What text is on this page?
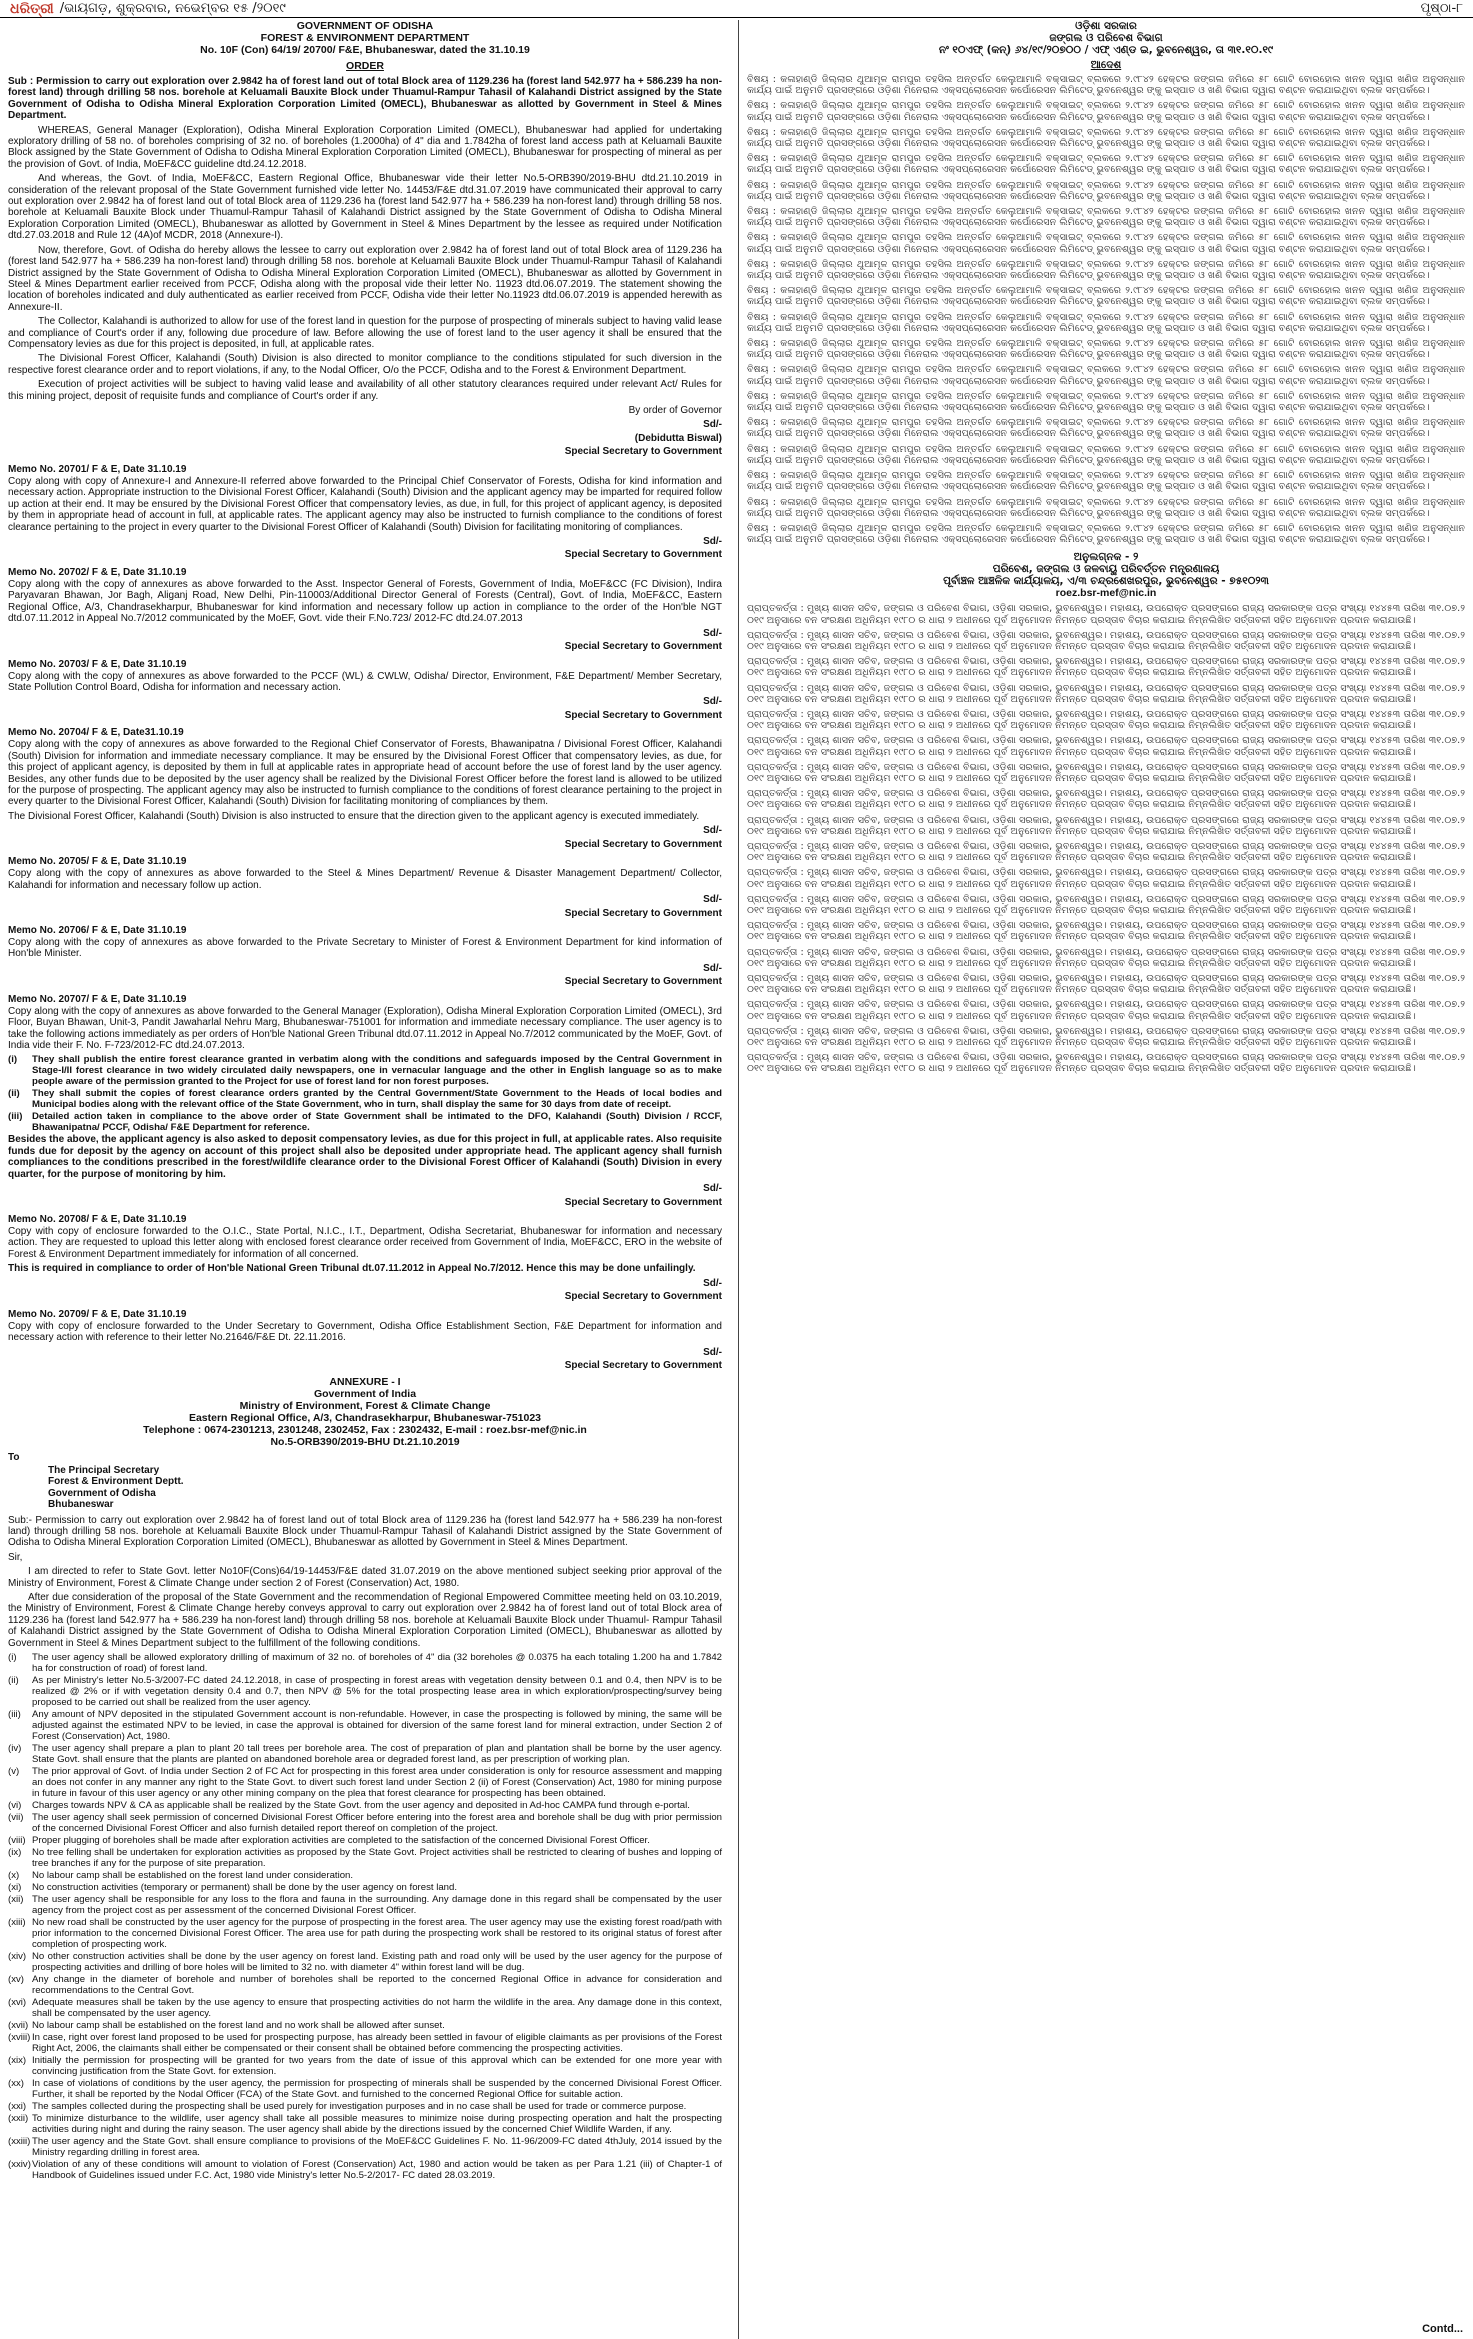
ଧରିତ୍ରୀ /ଭାୟଗଡ଼, ଶୁକ୍ରବାର, ନଭେମ୍ବର ୧୫ /୨୦୧୯	ପୃଷ୍ଠା-୮

GOVERNMENT OF ODISHA

FOREST & ENVIRONMENT DEPARTMENT

No. 10F (Con) 64/19/ 20700/ F&E, Bhubaneswar, dated the 31.10.19

ORDER

Sub : Permission to carry out exploration over 2.9842 ha of forest land out of total Block area of 1129.236 ha (forest land 542.977 ha + 586.239 ha non-forest land) through drilling 58 nos. borehole at Keluamali Bauxite Block under Thuamul-Rampur Tahasil of Kalahandi District assigned by the State Government of Odisha to Odisha Mineral Exploration Corporation Limited (OMECL), Bhubaneswar as allotted by Government in Steel & Mines Department.

WHEREAS, General Manager (Exploration), Odisha Mineral Exploration Corporation Limited (OMECL), Bhubaneswar had applied for undertaking exploratory drilling of 58 no. of boreholes comprising of 32 no. of boreholes (1.2000ha) of 4" dia and 1.7842ha of forest land access path at Keluamali Bauxite Block assigned by the State Government of Odisha to Odisha Mineral Exploration Corporation Limited (OMECL), Bhubaneswar for prospecting of mineral as per the provision of Govt. of India, MoEF&CC guideline dtd.24.12.2018.

And whereas, the Govt. of India, MoEF&CC, Eastern Regional Office, Bhubaneswar vide their letter No.5-ORB390/2019-BHU dtd.21.10.2019 in consideration of the relevant proposal of the State Government furnished vide letter No. 14453/F&E dtd.31.07.2019 have communicated their approval to carry out exploration over 2.9842 ha of forest land out of total Block area of 1129.236 ha (forest land 542.977 ha + 586.239 ha non-forest land) through drilling 58 nos. borehole at Keluamali Bauxite Block under Thuamul-Rampur Tahasil of Kalahandi District assigned by the State Government of Odisha to Odisha Mineral Exploration Corporation Limited (OMECL), Bhubaneswar as allotted by Government in Steel & Mines Department by the lessee as required under Notification dtd.27.03.2018 and Rule 12 (4A)of MCDR, 2018 (Annexure-I).

Now, therefore, Govt. of Odisha do hereby allows the lessee to carry out exploration over 2.9842 ha of forest land out of total Block area of 1129.236 ha (forest land 542.977 ha + 586.239 ha non-forest land) through drilling 58 nos. borehole at Keluamali Bauxite Block under Thuamul-Rampur Tahasil of Kalahandi District assigned by the State Government of Odisha to Odisha Mineral Exploration Corporation Limited (OMECL), Bhubaneswar as allotted by Government in Steel & Mines Department earlier received from PCCF, Odisha along with the proposal vide their letter No. 11923 dtd.06.07.2019. The statement showing the location of boreholes indicated and duly authenticated as earlier received from PCCF, Odisha vide their letter No.11923 dtd.06.07.2019 is appended herewith as Annexure-II.

The Collector, Kalahandi is authorized to allow for use of the forest land in question for the purpose of prospecting of minerals subject to having valid lease and compliance of Court's order if any, following due procedure of law. Before allowing the use of forest land to the user agency it shall be ensured that the Compensatory levies as due for this project is deposited, in full, at applicable rates.

The Divisional Forest Officer, Kalahandi (South) Division is also directed to monitor compliance to the conditions stipulated for such diversion in the respective forest clearance order and to report violations, if any, to the Nodal Officer, O/o the PCCF, Odisha and to the Forest & Environment Department.

Execution of project activities will be subject to having valid lease and availability of all other statutory clearances required under relevant Act/ Rules for this mining project, deposit of requisite funds and compliance of Court's order if any.

By order of Governor

Sd/-

(Debidutta Biswal)

Special Secretary to Government

Memo No. 20701/ F & E, Date 31.10.19

Copy along with copy of Annexure-I and Annexure-II referred above forwarded to the Principal Chief Conservator of Forests, Odisha for kind information and necessary action. Appropriate instruction to the Divisional Forest Officer, Kalahandi (South) Division and the applicant agency may be imparted for required follow up action at their end. It may be ensured by the Divisional Forest Officer that compensatory levies, as due, in full, for this project of applicant agency, is deposited by them in appropriate head of account in full, at applicable rates. The applicant agency may also be instructed to furnish compliance to the conditions of forest clearance pertaining to the project in every quarter to the Divisional Forest Officer of Kalahandi (South) Division for facilitating monitoring of compliances.

Sd/-

Special Secretary to Government

Memo No. 20702/ F & E, Date 31.10.19

Copy along with the copy of annexures as above forwarded to the Asst. Inspector General of Forests, Government of India, MoEF&CC (FC Division), Indira Paryavaran Bhawan, Jor Bagh, Aliganj Road, New Delhi, Pin-110003/Additional Director General of Forests (Central), Govt. of India, MoEF&CC, Eastern Regional Office, A/3, Chandrasekharpur, Bhubaneswar for kind information and necessary follow up action in compliance to the order of the Hon'ble NGT dtd.07.11.2012 in Appeal No.7/2012 communicated by the MoEF, Govt. vide their F.No.723/ 2012-FC dtd.24.07.2013

Sd/-

Special Secretary to Government

Memo No. 20703/ F & E, Date 31.10.19

Copy along with the copy of annexures as above forwarded to the PCCF (WL) & CWLW, Odisha/ Director, Environment, F&E Department/ Member Secretary, State Pollution Control Board, Odisha for information and necessary action.

Sd/-

Special Secretary to Government

Memo No. 20704/ F & E, Date31.10.19

Copy along with the copy of annexures as above forwarded to the Regional Chief Conservator of Forests, Bhawanipatna / Divisional Forest Officer, Kalahandi (South) Division for information and immediate necessary compliance. It may be ensured by the Divisional Forest Officer that compensatory levies, as due, for this project of applicant agency, is deposited by them in full at applicable rates in appropriate head of account before the use of forest land by the user agency. Besides, any other funds due to be deposited by the user agency shall be realized by the Divisional Forest Officer before the forest land is allowed to be utilized for the purpose of prospecting. The applicant agency may also be instructed to furnish compliance to the conditions of forest clearance pertaining to the project in every quarter to the Divisional Forest Officer, Kalahandi (South) Division for facilitating monitoring of compliances by them.

The Divisional Forest Officer, Kalahandi (South) Division is also instructed to ensure that the direction given to the applicant agency is executed immediately.

Sd/-

Special Secretary to Government

Memo No. 20705/ F & E, Date 31.10.19

Copy along with the copy of annexures as above forwarded to the Steel & Mines Department/ Revenue & Disaster Management Department/ Collector, Kalahandi for information and necessary follow up action.

Sd/-

Special Secretary to Government

Memo No. 20706/ F & E, Date 31.10.19

Copy along with the copy of annexures as above forwarded to the Private Secretary to Minister of Forest & Environment Department for kind information of Hon'ble Minister.

Sd/-

Special Secretary to Government

Memo No. 20707/ F & E, Date 31.10.19

Copy along with the copy of annexures as above forwarded to the General Manager (Exploration), Odisha Mineral Exploration Corporation Limited (OMECL), 3rd Floor, Buyan Bhawan, Unit-3, Pandit Jawaharlal Nehru Marg, Bhubaneswar-751001 for information and immediate necessary compliance. The user agency is to take the following actions immediately as per orders of Hon'ble National Green Tribunal dtd.07.11.2012 in Appeal No.7/2012 communicated by the MoEF, Govt. of India vide their F. No. F-723/2012-FC dtd.24.07.2013.

(i)	They shall publish the entire forest clearance granted in verbatim along with the conditions and safeguards imposed by the Central Government in Stage-I/II forest clearance in two widely circulated daily newspapers, one in vernacular language and the other in English language so as to make people aware of the permission granted to the Project for use of forest land for non forest purposes.
(ii)	They shall submit the copies of forest clearance orders granted by the Central Government/State Government to the Heads of local bodies and Municipal bodies along with the relevant office of the State Government, who in turn, shall display the same for 30 days from date of receipt.
(iii)	Detailed action taken in compliance to the above order of State Government shall be intimated to the DFO, Kalahandi (South) Division / RCCF, Bhawanipatna/ PCCF, Odisha/ F&E Department for reference.

Besides the above, the applicant agency is also asked to deposit compensatory levies, as due for this project in full, at applicable rates. Also requisite funds due for deposit by the agency on account of this project shall also be deposited under appropriate head. The applicant agency shall furnish compliances to the conditions prescribed in the forest/wildlife clearance order to the Divisional Forest Officer of Kalahandi (South) Division in every quarter, for the purpose of monitoring by him.

Sd/-

Special Secretary to Government

Memo No. 20708/ F & E, Date 31.10.19

Copy with copy of enclosure forwarded to the O.I.C., State Portal, N.I.C., I.T., Department, Odisha Secretariat, Bhubaneswar for information and necessary action. They are requested to upload this letter along with enclosed forest clearance order received from Government of India, MoEF&CC, ERO in the website of Forest & Environment Department immediately for information of all concerned.

This is required in compliance to order of Hon'ble National Green Tribunal dt.07.11.2012 in Appeal No.7/2012. Hence this may be done unfailingly.

Sd/-

Special Secretary to Government

Memo No. 20709/ F & E, Date 31.10.19

Copy with copy of enclosure forwarded to the Under Secretary to Government, Odisha Office Establishment Section, F&E Department for information and necessary action with reference to their letter No.21646/F&E Dt. 22.11.2016.

Sd/-

Special Secretary to Government

ANNEXURE - I

Government of India

Ministry of Environment, Forest & Climate Change

Eastern Regional Office, A/3, Chandrasekharpur, Bhubaneswar-751023

Telephone : 0674-2301213, 2301248, 2302452, Fax : 2302432, E-mail : roez.bsr-mef@nic.in

No.5-ORB390/2019-BHU Dt.21.10.2019

To

The Principal Secretary

Forest & Environment Deptt.

Government of Odisha

Bhubaneswar

Sub:- Permission to carry out exploration over 2.9842 ha of forest land out of total Block area of 1129.236 ha (forest land 542.977 ha + 586.239 ha non-forest land) through drilling 58 nos. borehole at Keluamali Bauxite Block under Thuamul-Rampur Tahasil of Kalahandi District assigned by the State Government of Odisha to Odisha Mineral Exploration Corporation Limited (OMECL), Bhubaneswar as allotted by Government in Steel & Mines Department.

Sir,

I am directed to refer to State Govt. letter No10F(Cons)64/19-14453/F&E dated 31.07.2019 on the above mentioned subject seeking prior approval of the Ministry of Environment, Forest & Climate Change under section 2 of Forest (Conservation) Act, 1980.

After due consideration of the proposal of the State Government and the recommendation of Regional Empowered Committee meeting held on 03.10.2019, the Ministry of Environment, Forest & Climate Change hereby conveys approval to carry out exploration over 2.9842 ha of forest land out of total Block area of 1129.236 ha (forest land 542.977 ha + 586.239 ha non-forest land) through drilling 58 nos. borehole at Keluamali Bauxite Block under Thuamul- Rampur Tahasil of Kalahandi District assigned by the State Government of Odisha to Odisha Mineral Exploration Corporation Limited (OMECL), Bhubaneswar as allotted by Government in Steel & Mines Department subject to the fulfillment of the following conditions.

(i)	The user agency shall be allowed exploratory drilling of maximum of 32 no. of boreholes of 4" dia (32 boreholes @ 0.0375 ha each totaling 1.200 ha and 1.7842 ha for construction of road) of forest land.
(ii)	As per Ministry's letter No.5-3/2007-FC dated 24.12.2018, in case of prospecting in forest areas with vegetation density between 0.1 and 0.4, then NPV is to be realized @ 2% or if with vegetation density 0.4 and 0.7, then NPV @ 5% for the total prospecting lease area in which exploration/prospecting/survey being proposed to be carried out shall be realized from the user agency.
(iii)	Any amount of NPV deposited in the stipulated Government account is non-refundable. However, in case the prospecting is followed by mining, the same will be adjusted against the estimated NPV to be levied, in case the approval is obtained for diversion of the same forest land for mineral extraction, under Section 2 of Forest (Conservation) Act, 1980.
(iv)	The user agency shall prepare a plan to plant 20 tall trees per borehole area. The cost of preparation of plan and plantation shall be borne by the user agency. State Govt. shall ensure that the plants are planted on abandoned borehole area or degraded forest land, as per prescription of working plan.
(v)	The prior approval of Govt. of India under Section 2 of FC Act for prospecting in this forest area under consideration is only for resource assessment and mapping an does not confer in any manner any right to the State Govt. to divert such forest land under Section 2 (ii) of Forest (Conservation) Act, 1980 for mining purpose in future in favour of this user agency or any other mining company on the plea that forest clearance for prospecting has been obtained.
(vi)	Charges towards NPV & CA as applicable shall be realized by the State Govt. from the user agency and deposited in Ad-hoc CAMPA fund through e-portal.
(vii) The user agency shall seek permission of concerned Divisional Forest Officer before entering into the forest area and borehole shall be dug with prior permission of the concerned Divisional Forest Officer and also furnish detailed report thereof on completion of the project.
(viii) Proper plugging of boreholes shall be made after exploration activities are completed to the satisfaction of the concerned Divisional Forest Officer.
(ix)	No tree felling shall be undertaken for exploration activities as proposed by the State Govt. Project activities shall be restricted to clearing of bushes and lopping of tree branches if any for the purpose of site preparation.
(x)	No labour camp shall be established on the forest land under consideration.
(xi)	No construction activities (temporary or permanent) shall be done by the user agency on forest land.
(xii) The user agency shall be responsible for any loss to the flora and fauna in the surrounding. Any damage done in this regard shall be compensated by the user agency from the project cost as per assessment of the concerned Divisional Forest Officer.
(xiii) No new road shall be constructed by the user agency for the purpose of prospecting in the forest area. The user agency may use the existing forest road/path with prior information to the concerned Divisional Forest Officer. The area use for path during the prospecting work shall be restored to its original status of forest after completion of prospecting work.
(xiv) No other construction activities shall be done by the user agency on forest land. Existing path and road only will be used by the user agency for the purpose of prospecting activities and drilling of bore holes will be limited to 32 no. with diameter 4" within forest land will be dug.
(xv) Any change in the diameter of borehole and number of boreholes shall be reported to the concerned Regional Office in advance for consideration and recommendations to the Central Govt.
(xvi) Adequate measures shall be taken by the use agency to ensure that prospecting activities do not harm the wildlife in the area. Any damage done in this context, shall be compensated by the user agency.
(xvii) No labour camp shall be established on the forest land and no work shall be allowed after sunset.
(xviii) In case, right over forest land proposed to be used for prospecting purpose, has already been settled in favour of eligible claimants as per provisions of the Forest Right Act, 2006, the claimants shall either be compensated or their consent shall be obtained before commencing the prospecting activities.
(xix) Initially the permission for prospecting will be granted for two years from the date of issue of this approval which can be extended for one more year with convincing justification from the State Govt. for extension.
(xx) In case of violations of conditions by the user agency, the permission for prospecting of minerals shall be suspended by the concerned Divisional Forest Officer. Further, it shall be reported by the Nodal Officer (FCA) of the State Govt. and furnished to the concerned Regional Office for suitable action.
(xxi) The samples collected during the prospecting shall be used purely for investigation purposes and in no case shall be used for trade or commerce purpose.
(xxii) To minimize disturbance to the wildlife, user agency shall take all possible measures to minimize noise during prospecting operation and halt the prospecting activities during night and during the rainy season. The user agency shall abide by the directions issued by the concerned Chief Wildlife Warden, if any.
(xxiii) The user agency and the State Govt. shall ensure compliance to provisions of the MoEF&CC Guidelines F. No. 11-96/2009-FC dated 4thJuly, 2014 issued by the Ministry regarding drilling in forest area.
(xxiv) Violation of any of these conditions will amount to violation of Forest (Conservation) Act, 1980 and action would be taken as per Para 1.21 (iii) of Chapter-1 of Handbook of Guidelines issued under F.C. Act, 1980 vide Ministry's letter No.5-2/2017- FC dated 28.03.2019.

ଓଡ଼ିଶା ସରକାର

ଜଙ୍ଗଲ ଓ ପରିବେଶ ବିଭାଗ

ନଂ ୧୦ଏଫ୍ (କନ୍) ୬୪/୧୯/୨୦୭୦୦ / ଏଫ୍ ଏଣ୍ଡ ଇ, ଭୁବନେଶ୍ୱର, ତା ୩୧.୧୦.୧୯

ଆଦେଶ

ବିଷୟ : କଳାହାଣ୍ଡି ଜିଲ୍ଲାର ଥୁଆମୂଳ ରାମପୁର ତହସିଲ ଅନ୍ତର୍ଗତ କେଲୁଆମାଳି ବକ୍ସାଇଟ୍ ବ୍ଲକରେ ୨.୯୮୪୨ ହେକ୍ଟର ଜଙ୍ଗଲ ଜମିରେ ୫୮ ଗୋଟି ବୋରହୋଲ ଖନନ ଦ୍ୱାରା ଖଣିଜ ଅନୁସନ୍ଧାନ କାର୍ଯ୍ୟ ପାଇଁ ଅନୁମତି ପ୍ରସଙ୍ଗରେ ଓଡ଼ିଶା ମିନେରାଲ ଏକ୍ସପ୍ଲୋରେସନ କର୍ପୋରେସନ ଲିମିଟେଡ୍ ଭୁବନେଶ୍ୱର ଙ୍କୁ ଇସ୍ପାତ ଓ ଖଣି ବିଭାଗ ଦ୍ୱାରା ବଣ୍ଟନ କରାଯାଇଥିବା ବ୍ଲକ ସମ୍ପର୍କରେ।

ବିଷୟ : କଳାହାଣ୍ଡି ଜିଲ୍ଲାର ଥୁଆମୂଳ ରାମପୁର ତହସିଲ ଅନ୍ତର୍ଗତ କେଲୁଆମାଳି ବକ୍ସାଇଟ୍ ବ୍ଲକରେ ୨.୯୮୪୨ ହେକ୍ଟର ଜଙ୍ଗଲ ଜମିରେ ୫୮ ଗୋଟି ବୋରହୋଲ ଖନନ ଦ୍ୱାରା ଖଣିଜ ଅନୁସନ୍ଧାନ କାର୍ଯ୍ୟ ପାଇଁ ଅନୁମତି ପ୍ରସଙ୍ଗରେ ଓଡ଼ିଶା ମିନେରାଲ ଏକ୍ସପ୍ଲୋରେସନ କର୍ପୋରେସନ ଲିମିଟେଡ୍ ଭୁବନେଶ୍ୱର ଙ୍କୁ ଇସ୍ପାତ ଓ ଖଣି ବିଭାଗ ଦ୍ୱାରା ବଣ୍ଟନ କରାଯାଇଥିବା ବ୍ଲକ ସମ୍ପର୍କରେ।

ବିଷୟ : କଳାହାଣ୍ଡି ଜିଲ୍ଲାର ଥୁଆମୂଳ ରାମପୁର ତହସିଲ ଅନ୍ତର୍ଗତ କେଲୁଆମାଳି ବକ୍ସାଇଟ୍ ବ୍ଲକରେ ୨.୯୮୪୨ ହେକ୍ଟର ଜଙ୍ଗଲ ଜମିରେ ୫୮ ଗୋଟି ବୋରହୋଲ ଖନନ ଦ୍ୱାରା ଖଣିଜ ଅନୁସନ୍ଧାନ କାର୍ଯ୍ୟ ପାଇଁ ଅନୁମତି ପ୍ରସଙ୍ଗରେ ଓଡ଼ିଶା ମିନେରାଲ ଏକ୍ସପ୍ଲୋରେସନ କର୍ପୋରେସନ ଲିମିଟେଡ୍ ଭୁବନେଶ୍ୱର ଙ୍କୁ ଇସ୍ପାତ ଓ ଖଣି ବିଭାଗ ଦ୍ୱାରା ବଣ୍ଟନ କରାଯାଇଥିବା ବ୍ଲକ ସମ୍ପର୍କରେ।

ବିଷୟ : କଳାହାଣ୍ଡି ଜିଲ୍ଲାର ଥୁଆମୂଳ ରାମପୁର ତହସିଲ ଅନ୍ତର୍ଗତ କେଲୁଆମାଳି ବକ୍ସାଇଟ୍ ବ୍ଲକରେ ୨.୯୮୪୨ ହେକ୍ଟର ଜଙ୍ଗଲ ଜମିରେ ୫୮ ଗୋଟି ବୋରହୋଲ ଖନନ ଦ୍ୱାରା ଖଣିଜ ଅନୁସନ୍ଧାନ କାର୍ଯ୍ୟ ପାଇଁ ଅନୁମତି ପ୍ରସଙ୍ଗରେ ଓଡ଼ିଶା ମିନେରାଲ ଏକ୍ସପ୍ଲୋରେସନ କର୍ପୋରେସନ ଲିମିଟେଡ୍ ଭୁବନେଶ୍ୱର ଙ୍କୁ ଇସ୍ପାତ ଓ ଖଣି ବିଭାଗ ଦ୍ୱାରା ବଣ୍ଟନ କରାଯାଇଥିବା ବ୍ଲକ ସମ୍ପର୍କରେ।

ବିଷୟ : କଳାହାଣ୍ଡି ଜିଲ୍ଲାର ଥୁଆମୂଳ ରାମପୁର ତହସିଲ ଅନ୍ତର୍ଗତ କେଲୁଆମାଳି ବକ୍ସାଇଟ୍ ବ୍ଲକରେ ୨.୯୮୪୨ ହେକ୍ଟର ଜଙ୍ଗଲ ଜମିରେ ୫୮ ଗୋଟି ବୋରହୋଲ ଖନନ ଦ୍ୱାରା ଖଣିଜ ଅନୁସନ୍ଧାନ କାର୍ଯ୍ୟ ପାଇଁ ଅନୁମତି ପ୍ରସଙ୍ଗରେ ଓଡ଼ିଶା ମିନେରାଲ ଏକ୍ସପ୍ଲୋରେସନ କର୍ପୋରେସନ ଲିମିଟେଡ୍ ଭୁବନେଶ୍ୱର ଙ୍କୁ ଇସ୍ପାତ ଓ ଖଣି ବିଭାଗ ଦ୍ୱାରା ବଣ୍ଟନ କରାଯାଇଥିବା ବ୍ଲକ ସମ୍ପର୍କରେ।

ବିଷୟ : କଳାହାଣ୍ଡି ଜିଲ୍ଲାର ଥୁଆମୂଳ ରାମପୁର ତହସିଲ ଅନ୍ତର୍ଗତ କେଲୁଆମାଳି ବକ୍ସାଇଟ୍ ବ୍ଲକରେ ୨.୯୮୪୨ ହେକ୍ଟର ଜଙ୍ଗଲ ଜମିରେ ୫୮ ଗୋଟି ବୋରହୋଲ ଖନନ ଦ୍ୱାରା ଖଣିଜ ଅନୁସନ୍ଧାନ କାର୍ଯ୍ୟ ପାଇଁ ଅନୁମତି ପ୍ରସଙ୍ଗରେ ଓଡ଼ିଶା ମିନେରାଲ ଏକ୍ସପ୍ଲୋରେସନ କର୍ପୋରେସନ ଲିମିଟେଡ୍ ଭୁବନେଶ୍ୱର ଙ୍କୁ ଇସ୍ପାତ ଓ ଖଣି ବିଭାଗ ଦ୍ୱାରା ବଣ୍ଟନ କରାଯାଇଥିବା ବ୍ଲକ ସମ୍ପର୍କରେ।

ବିଷୟ : କଳାହାଣ୍ଡି ଜିଲ୍ଲାର ଥୁଆମୂଳ ରାମପୁର ତହସିଲ ଅନ୍ତର୍ଗତ କେଲୁଆମାଳି ବକ୍ସାଇଟ୍ ବ୍ଲକରେ ୨.୯୮୪୨ ହେକ୍ଟର ଜଙ୍ଗଲ ଜମିରେ ୫୮ ଗୋଟି ବୋରହୋଲ ଖନନ ଦ୍ୱାରା ଖଣିଜ ଅନୁସନ୍ଧାନ କାର୍ଯ୍ୟ ପାଇଁ ଅନୁମତି ପ୍ରସଙ୍ଗରେ ଓଡ଼ିଶା ମିନେରାଲ ଏକ୍ସପ୍ଲୋରେସନ କର୍ପୋରେସନ ଲିମିଟେଡ୍ ଭୁବନେଶ୍ୱର ଙ୍କୁ ଇସ୍ପାତ ଓ ଖଣି ବିଭାଗ ଦ୍ୱାରା ବଣ୍ଟନ କରାଯାଇଥିବା ବ୍ଲକ ସମ୍ପର୍କରେ।

ବିଷୟ : କଳାହାଣ୍ଡି ଜିଲ୍ଲାର ଥୁଆମୂଳ ରାମପୁର ତହସିଲ ଅନ୍ତର୍ଗତ କେଲୁଆମାଳି ବକ୍ସାଇଟ୍ ବ୍ଲକରେ ୨.୯୮୪୨ ହେକ୍ଟର ଜଙ୍ଗଲ ଜମିରେ ୫୮ ଗୋଟି ବୋରହୋଲ ଖନନ ଦ୍ୱାରା ଖଣିଜ ଅନୁସନ୍ଧାନ କାର୍ଯ୍ୟ ପାଇଁ ଅନୁମତି ପ୍ରସଙ୍ଗରେ ଓଡ଼ିଶା ମିନେରାଲ ଏକ୍ସପ୍ଲୋରେସନ କର୍ପୋରେସନ ଲିମିଟେଡ୍ ଭୁବନେଶ୍ୱର ଙ୍କୁ ଇସ୍ପାତ ଓ ଖଣି ବିଭାଗ ଦ୍ୱାରା ବଣ୍ଟନ କରାଯାଇଥିବା ବ୍ଲକ ସମ୍ପର୍କରେ।

ବିଷୟ : କଳାହାଣ୍ଡି ଜିଲ୍ଲାର ଥୁଆମୂଳ ରାମପୁର ତହସିଲ ଅନ୍ତର୍ଗତ କେଲୁଆମାଳି ବକ୍ସାଇଟ୍ ବ୍ଲକରେ ୨.୯୮୪୨ ହେକ୍ଟର ଜଙ୍ଗଲ ଜମିରେ ୫୮ ଗୋଟି ବୋରହୋଲ ଖନନ ଦ୍ୱାରା ଖଣିଜ ଅନୁସନ୍ଧାନ କାର୍ଯ୍ୟ ପାଇଁ ଅନୁମତି ପ୍ରସଙ୍ଗରେ ଓଡ଼ିଶା ମିନେରାଲ ଏକ୍ସପ୍ଲୋରେସନ କର୍ପୋରେସନ ଲିମିଟେଡ୍ ଭୁବନେଶ୍ୱର ଙ୍କୁ ଇସ୍ପାତ ଓ ଖଣି ବିଭାଗ ଦ୍ୱାରା ବଣ୍ଟନ କରାଯାଇଥିବା ବ୍ଲକ ସମ୍ପର୍କରେ।

ବିଷୟ : କଳାହାଣ୍ଡି ଜିଲ୍ଲାର ଥୁଆମୂଳ ରାମପୁର ତହସିଲ ଅନ୍ତର୍ଗତ କେଲୁଆମାଳି ବକ୍ସାଇଟ୍ ବ୍ଲକରେ ୨.୯୮୪୨ ହେକ୍ଟର ଜଙ୍ଗଲ ଜମିରେ ୫୮ ଗୋଟି ବୋରହୋଲ ଖନନ ଦ୍ୱାରା ଖଣିଜ ଅନୁସନ୍ଧାନ କାର୍ଯ୍ୟ ପାଇଁ ଅନୁମତି ପ୍ରସଙ୍ଗରେ ଓଡ଼ିଶା ମିନେରାଲ ଏକ୍ସପ୍ଲୋରେସନ କର୍ପୋରେସନ ଲିମିଟେଡ୍ ଭୁବନେଶ୍ୱର ଙ୍କୁ ଇସ୍ପାତ ଓ ଖଣି ବିଭାଗ ଦ୍ୱାରା ବଣ୍ଟନ କରାଯାଇଥିବା ବ୍ଲକ ସମ୍ପର୍କରେ।

ବିଷୟ : କଳାହାଣ୍ଡି ଜିଲ୍ଲାର ଥୁଆମୂଳ ରାମପୁର ତହସିଲ ଅନ୍ତର୍ଗତ କେଲୁଆମାଳି ବକ୍ସାଇଟ୍ ବ୍ଲକରେ ୨.୯୮୪୨ ହେକ୍ଟର ଜଙ୍ଗଲ ଜମିରେ ୫୮ ଗୋଟି ବୋରହୋଲ ଖନନ ଦ୍ୱାରା ଖଣିଜ ଅନୁସନ୍ଧାନ କାର୍ଯ୍ୟ ପାଇଁ ଅନୁମତି ପ୍ରସଙ୍ଗରେ ଓଡ଼ିଶା ମିନେରାଲ ଏକ୍ସପ୍ଲୋରେସନ କର୍ପୋରେସନ ଲିମିଟେଡ୍ ଭୁବନେଶ୍ୱର ଙ୍କୁ ଇସ୍ପାତ ଓ ଖଣି ବିଭାଗ ଦ୍ୱାରା ବଣ୍ଟନ କରାଯାଇଥିବା ବ୍ଲକ ସମ୍ପର୍କରେ।

ବିଷୟ : କଳାହାଣ୍ଡି ଜିଲ୍ଲାର ଥୁଆମୂଳ ରାମପୁର ତହସିଲ ଅନ୍ତର୍ଗତ କେଲୁଆମାଳି ବକ୍ସାଇଟ୍ ବ୍ଲକରେ ୨.୯୮୪୨ ହେକ୍ଟର ଜଙ୍ଗଲ ଜମିରେ ୫୮ ଗୋଟି ବୋରହୋଲ ଖନନ ଦ୍ୱାରା ଖଣିଜ ଅନୁସନ୍ଧାନ କାର୍ଯ୍ୟ ପାଇଁ ଅନୁମତି ପ୍ରସଙ୍ଗରେ ଓଡ଼ିଶା ମିନେରାଲ ଏକ୍ସପ୍ଲୋରେସନ କର୍ପୋରେସନ ଲିମିଟେଡ୍ ଭୁବନେଶ୍ୱର ଙ୍କୁ ଇସ୍ପାତ ଓ ଖଣି ବିଭାଗ ଦ୍ୱାରା ବଣ୍ଟନ କରାଯାଇଥିବା ବ୍ଲକ ସମ୍ପର୍କରେ।

ବିଷୟ : କଳାହାଣ୍ଡି ଜିଲ୍ଲାର ଥୁଆମୂଳ ରାମପୁର ତହସିଲ ଅନ୍ତର୍ଗତ କେଲୁଆମାଳି ବକ୍ସାଇଟ୍ ବ୍ଲକରେ ୨.୯୮୪୨ ହେକ୍ଟର ଜଙ୍ଗଲ ଜମିରେ ୫୮ ଗୋଟି ବୋରହୋଲ ଖନନ ଦ୍ୱାରା ଖଣିଜ ଅନୁସନ୍ଧାନ କାର୍ଯ୍ୟ ପାଇଁ ଅନୁମତି ପ୍ରସଙ୍ଗରେ ଓଡ଼ିଶା ମିନେରାଲ ଏକ୍ସପ୍ଲୋରେସନ କର୍ପୋରେସନ ଲିମିଟେଡ୍ ଭୁବନେଶ୍ୱର ଙ୍କୁ ଇସ୍ପାତ ଓ ଖଣି ବିଭାଗ ଦ୍ୱାରା ବଣ୍ଟନ କରାଯାଇଥିବା ବ୍ଲକ ସମ୍ପର୍କରେ।

ବିଷୟ : କଳାହାଣ୍ଡି ଜିଲ୍ଲାର ଥୁଆମୂଳ ରାମପୁର ତହସିଲ ଅନ୍ତର୍ଗତ କେଲୁଆମାଳି ବକ୍ସାଇଟ୍ ବ୍ଲକରେ ୨.୯୮୪୨ ହେକ୍ଟର ଜଙ୍ଗଲ ଜମିରେ ୫୮ ଗୋଟି ବୋରହୋଲ ଖନନ ଦ୍ୱାରା ଖଣିଜ ଅନୁସନ୍ଧାନ କାର୍ଯ୍ୟ ପାଇଁ ଅନୁମତି ପ୍ରସଙ୍ଗରେ ଓଡ଼ିଶା ମିନେରାଲ ଏକ୍ସପ୍ଲୋରେସନ କର୍ପୋରେସନ ଲିମିଟେଡ୍ ଭୁବନେଶ୍ୱର ଙ୍କୁ ଇସ୍ପାତ ଓ ଖଣି ବିଭାଗ ଦ୍ୱାରା ବଣ୍ଟନ କରାଯାଇଥିବା ବ୍ଲକ ସମ୍ପର୍କରେ।

ବିଷୟ : କଳାହାଣ୍ଡି ଜିଲ୍ଲାର ଥୁଆମୂଳ ରାମପୁର ତହସିଲ ଅନ୍ତର୍ଗତ କେଲୁଆମାଳି ବକ୍ସାଇଟ୍ ବ୍ଲକରେ ୨.୯୮୪୨ ହେକ୍ଟର ଜଙ୍ଗଲ ଜମିରେ ୫୮ ଗୋଟି ବୋରହୋଲ ଖନନ ଦ୍ୱାରା ଖଣିଜ ଅନୁସନ୍ଧାନ କାର୍ଯ୍ୟ ପାଇଁ ଅନୁମତି ପ୍ରସଙ୍ଗରେ ଓଡ଼ିଶା ମିନେରାଲ ଏକ୍ସପ୍ଲୋରେସନ କର୍ପୋରେସନ ଲିମିଟେଡ୍ ଭୁବନେଶ୍ୱର ଙ୍କୁ ଇସ୍ପାତ ଓ ଖଣି ବିଭାଗ ଦ୍ୱାରା ବଣ୍ଟନ କରାଯାଇଥିବା ବ୍ଲକ ସମ୍ପର୍କରେ।

ବିଷୟ : କଳାହାଣ୍ଡି ଜିଲ୍ଲାର ଥୁଆମୂଳ ରାମପୁର ତହସିଲ ଅନ୍ତର୍ଗତ କେଲୁଆମାଳି ବକ୍ସାଇଟ୍ ବ୍ଲକରେ ୨.୯୮୪୨ ହେକ୍ଟର ଜଙ୍ଗଲ ଜମିରେ ୫୮ ଗୋଟି ବୋରହୋଲ ଖନନ ଦ୍ୱାରା ଖଣିଜ ଅନୁସନ୍ଧାନ କାର୍ଯ୍ୟ ପାଇଁ ଅନୁମତି ପ୍ରସଙ୍ଗରେ ଓଡ଼ିଶା ମିନେରାଲ ଏକ୍ସପ୍ଲୋରେସନ କର୍ପୋରେସନ ଲିମିଟେଡ୍ ଭୁବନେଶ୍ୱର ଙ୍କୁ ଇସ୍ପାତ ଓ ଖଣି ବିଭାଗ ଦ୍ୱାରା ବଣ୍ଟନ କରାଯାଇଥିବା ବ୍ଲକ ସମ୍ପର୍କରେ।

ବିଷୟ : କଳାହାଣ୍ଡି ଜିଲ୍ଲାର ଥୁଆମୂଳ ରାମପୁର ତହସିଲ ଅନ୍ତର୍ଗତ କେଲୁଆମାଳି ବକ୍ସାଇଟ୍ ବ୍ଲକରେ ୨.୯୮୪୨ ହେକ୍ଟର ଜଙ୍ଗଲ ଜମିରେ ୫୮ ଗୋଟି ବୋରହୋଲ ଖନନ ଦ୍ୱାରା ଖଣିଜ ଅନୁସନ୍ଧାନ କାର୍ଯ୍ୟ ପାଇଁ ଅନୁମତି ପ୍ରସଙ୍ଗରେ ଓଡ଼ିଶା ମିନେରାଲ ଏକ୍ସପ୍ଲୋରେସନ କର୍ପୋରେସନ ଲିମିଟେଡ୍ ଭୁବନେଶ୍ୱର ଙ୍କୁ ଇସ୍ପାତ ଓ ଖଣି ବିଭାଗ ଦ୍ୱାରା ବଣ୍ଟନ କରାଯାଇଥିବା ବ୍ଲକ ସମ୍ପର୍କରେ।

ବିଷୟ : କଳାହାଣ୍ଡି ଜିଲ୍ଲାର ଥୁଆମୂଳ ରାମପୁର ତହସିଲ ଅନ୍ତର୍ଗତ କେଲୁଆମାଳି ବକ୍ସାଇଟ୍ ବ୍ଲକରେ ୨.୯୮୪୨ ହେକ୍ଟର ଜଙ୍ଗଲ ଜମିରେ ୫୮ ଗୋଟି ବୋରହୋଲ ଖନନ ଦ୍ୱାରା ଖଣିଜ ଅନୁସନ୍ଧାନ କାର୍ଯ୍ୟ ପାଇଁ ଅନୁମତି ପ୍ରସଙ୍ଗରେ ଓଡ଼ିଶା ମିନେରାଲ ଏକ୍ସପ୍ଲୋରେସନ କର୍ପୋରେସନ ଲିମିଟେଡ୍ ଭୁବନେଶ୍ୱର ଙ୍କୁ ଇସ୍ପାତ ଓ ଖଣି ବିଭାଗ ଦ୍ୱାରା ବଣ୍ଟନ କରାଯାଇଥିବା ବ୍ଲକ ସମ୍ପର୍କରେ।

ଅନୁଲଗ୍ନକ - ୨

ପରିବେଶ, ଜଙ୍ଗଲ ଓ ଜଳବାୟୁ ପରିବର୍ତ୍ତନ ମନ୍ତ୍ରଣାଳୟ

ପୂର୍ବାଞ୍ଚଳ ଆଞ୍ଚଳିକ କାର୍ଯ୍ୟାଳୟ, ଏ/୩ ଚନ୍ଦ୍ରଶେଖରପୁର, ଭୁବନେଶ୍ୱର - ୭୫୧୦୨୩

roez.bsr-mef@nic.in

ପ୍ରାପ୍ତକର୍ତ୍ତା : ମୁଖ୍ୟ ଶାସନ ସଚିବ, ଜଙ୍ଗଲ ଓ ପରିବେଶ ବିଭାଗ, ଓଡ଼ିଶା ସରକାର, ଭୁବନେଶ୍ୱର। ମହାଶୟ, ଉପରୋକ୍ତ ପ୍ରସଙ୍ଗରେ ରାଜ୍ୟ ସରକାରଙ୍କ ପତ୍ର ସଂଖ୍ୟା ୧୪୪୫୩ ତାରିଖ ୩୧.୦୭.୨୦୧୯ ଅନୁସାରେ ବନ ସଂରକ୍ଷଣ ଅଧିନିୟମ ୧୯୮୦ ର ଧାରା ୨ ଅଧୀନରେ ପୂର୍ବ ଅନୁମୋଦନ ନିମନ୍ତେ ପ୍ରସ୍ତାବ ବିଚାର କରାଯାଇ ନିମ୍ନଲିଖିତ ସର୍ତ୍ତାବଳୀ ସହିତ ଅନୁମୋଦନ ପ୍ରଦାନ କରାଯାଉଛି।

ପ୍ରାପ୍ତକର୍ତ୍ତା : ମୁଖ୍ୟ ଶାସନ ସଚିବ, ଜଙ୍ଗଲ ଓ ପରିବେଶ ବିଭାଗ, ଓଡ଼ିଶା ସରକାର, ଭୁବନେଶ୍ୱର। ମହାଶୟ, ଉପରୋକ୍ତ ପ୍ରସଙ୍ଗରେ ରାଜ୍ୟ ସରକାରଙ୍କ ପତ୍ର ସଂଖ୍ୟା ୧୪୪୫୩ ତାରିଖ ୩୧.୦୭.୨୦୧୯ ଅନୁସାରେ ବନ ସଂରକ୍ଷଣ ଅଧିନିୟମ ୧୯୮୦ ର ଧାରା ୨ ଅଧୀନରେ ପୂର୍ବ ଅନୁମୋଦନ ନିମନ୍ତେ ପ୍ରସ୍ତାବ ବିଚାର କରାଯାଇ ନିମ୍ନଲିଖିତ ସର୍ତ୍ତାବଳୀ ସହିତ ଅନୁମୋଦନ ପ୍ରଦାନ କରାଯାଉଛି।

ପ୍ରାପ୍ତକର୍ତ୍ତା : ମୁଖ୍ୟ ଶାସନ ସଚିବ, ଜଙ୍ଗଲ ଓ ପରିବେଶ ବିଭାଗ, ଓଡ଼ିଶା ସରକାର, ଭୁବନେଶ୍ୱର। ମହାଶୟ, ଉପରୋକ୍ତ ପ୍ରସଙ୍ଗରେ ରାଜ୍ୟ ସରକାରଙ୍କ ପତ୍ର ସଂଖ୍ୟା ୧୪୪୫୩ ତାରିଖ ୩୧.୦୭.୨୦୧୯ ଅନୁସାରେ ବନ ସଂରକ୍ଷଣ ଅଧିନିୟମ ୧୯୮୦ ର ଧାରା ୨ ଅଧୀନରେ ପୂର୍ବ ଅନୁମୋଦନ ନିମନ୍ତେ ପ୍ରସ୍ତାବ ବିଚାର କରାଯାଇ ନିମ୍ନଲିଖିତ ସର୍ତ୍ତାବଳୀ ସହିତ ଅନୁମୋଦନ ପ୍ରଦାନ କରାଯାଉଛି।

ପ୍ରାପ୍ତକର୍ତ୍ତା : ମୁଖ୍ୟ ଶାସନ ସଚିବ, ଜଙ୍ଗଲ ଓ ପରିବେଶ ବିଭାଗ, ଓଡ଼ିଶା ସରକାର, ଭୁବନେଶ୍ୱର। ମହାଶୟ, ଉପରୋକ୍ତ ପ୍ରସଙ୍ଗରେ ରାଜ୍ୟ ସରକାରଙ୍କ ପତ୍ର ସଂଖ୍ୟା ୧୪୪୫୩ ତାରିଖ ୩୧.୦୭.୨୦୧୯ ଅନୁସାରେ ବନ ସଂରକ୍ଷଣ ଅଧିନିୟମ ୧୯୮୦ ର ଧାରା ୨ ଅଧୀନରେ ପୂର୍ବ ଅନୁମୋଦନ ନିମନ୍ତେ ପ୍ରସ୍ତାବ ବିଚାର କରାଯାଇ ନିମ୍ନଲିଖିତ ସର୍ତ୍ତାବଳୀ ସହିତ ଅନୁମୋଦନ ପ୍ରଦାନ କରାଯାଉଛି।

ପ୍ରାପ୍ତକର୍ତ୍ତା : ମୁଖ୍ୟ ଶାସନ ସଚିବ, ଜଙ୍ଗଲ ଓ ପରିବେଶ ବିଭାଗ, ଓଡ଼ିଶା ସରକାର, ଭୁବନେଶ୍ୱର। ମହାଶୟ, ଉପରୋକ୍ତ ପ୍ରସଙ୍ଗରେ ରାଜ୍ୟ ସରକାରଙ୍କ ପତ୍ର ସଂଖ୍ୟା ୧୪୪୫୩ ତାରିଖ ୩୧.୦୭.୨୦୧୯ ଅନୁସାରେ ବନ ସଂରକ୍ଷଣ ଅଧିନିୟମ ୧୯୮୦ ର ଧାରା ୨ ଅଧୀନରେ ପୂର୍ବ ଅନୁମୋଦନ ନିମନ୍ତେ ପ୍ରସ୍ତାବ ବିଚାର କରାଯାଇ ନିମ୍ନଲିଖିତ ସର୍ତ୍ତାବଳୀ ସହିତ ଅନୁମୋଦନ ପ୍ରଦାନ କରାଯାଉଛି।

ପ୍ରାପ୍ତକର୍ତ୍ତା : ମୁଖ୍ୟ ଶାସନ ସଚିବ, ଜଙ୍ଗଲ ଓ ପରିବେଶ ବିଭାଗ, ଓଡ଼ିଶା ସରକାର, ଭୁବନେଶ୍ୱର। ମହାଶୟ, ଉପରୋକ୍ତ ପ୍ରସଙ୍ଗରେ ରାଜ୍ୟ ସରକାରଙ୍କ ପତ୍ର ସଂଖ୍ୟା ୧୪୪୫୩ ତାରିଖ ୩୧.୦୭.୨୦୧୯ ଅନୁସାରେ ବନ ସଂରକ୍ଷଣ ଅଧିନିୟମ ୧୯୮୦ ର ଧାରା ୨ ଅଧୀନରେ ପୂର୍ବ ଅନୁମୋଦନ ନିମନ୍ତେ ପ୍ରସ୍ତାବ ବିଚାର କରାଯାଇ ନିମ୍ନଲିଖିତ ସର୍ତ୍ତାବଳୀ ସହିତ ଅନୁମୋଦନ ପ୍ରଦାନ କରାଯାଉଛି।

ପ୍ରାପ୍ତକର୍ତ୍ତା : ମୁଖ୍ୟ ଶାସନ ସଚିବ, ଜଙ୍ଗଲ ଓ ପରିବେଶ ବିଭାଗ, ଓଡ଼ିଶା ସରକାର, ଭୁବନେଶ୍ୱର। ମହାଶୟ, ଉପରୋକ୍ତ ପ୍ରସଙ୍ଗରେ ରାଜ୍ୟ ସରକାରଙ୍କ ପତ୍ର ସଂଖ୍ୟା ୧୪୪୫୩ ତାରିଖ ୩୧.୦୭.୨୦୧୯ ଅନୁସାରେ ବନ ସଂରକ୍ଷଣ ଅଧିନିୟମ ୧୯୮୦ ର ଧାରା ୨ ଅଧୀନରେ ପୂର୍ବ ଅନୁମୋଦନ ନିମନ୍ତେ ପ୍ରସ୍ତାବ ବିଚାର କରାଯାଇ ନିମ୍ନଲିଖିତ ସର୍ତ୍ତାବଳୀ ସହିତ ଅନୁମୋଦନ ପ୍ରଦାନ କରାଯାଉଛି।

ପ୍ରାପ୍ତକର୍ତ୍ତା : ମୁଖ୍ୟ ଶାସନ ସଚିବ, ଜଙ୍ଗଲ ଓ ପରିବେଶ ବିଭାଗ, ଓଡ଼ିଶା ସରକାର, ଭୁବନେଶ୍ୱର। ମହାଶୟ, ଉପରୋକ୍ତ ପ୍ରସଙ୍ଗରେ ରାଜ୍ୟ ସରକାରଙ୍କ ପତ୍ର ସଂଖ୍ୟା ୧୪୪୫୩ ତାରିଖ ୩୧.୦୭.୨୦୧୯ ଅନୁସାରେ ବନ ସଂରକ୍ଷଣ ଅଧିନିୟମ ୧୯୮୦ ର ଧାରା ୨ ଅଧୀନରେ ପୂର୍ବ ଅନୁମୋଦନ ନିମନ୍ତେ ପ୍ରସ୍ତାବ ବିଚାର କରାଯାଇ ନିମ୍ନଲିଖିତ ସର୍ତ୍ତାବଳୀ ସହିତ ଅନୁମୋଦନ ପ୍ରଦାନ କରାଯାଉଛି।

ପ୍ରାପ୍ତକର୍ତ୍ତା : ମୁଖ୍ୟ ଶାସନ ସଚିବ, ଜଙ୍ଗଲ ଓ ପରିବେଶ ବିଭାଗ, ଓଡ଼ିଶା ସରକାର, ଭୁବନେଶ୍ୱର। ମହାଶୟ, ଉପରୋକ୍ତ ପ୍ରସଙ୍ଗରେ ରାଜ୍ୟ ସରକାରଙ୍କ ପତ୍ର ସଂଖ୍ୟା ୧୪୪୫୩ ତାରିଖ ୩୧.୦୭.୨୦୧୯ ଅନୁସାରେ ବନ ସଂରକ୍ଷଣ ଅଧିନିୟମ ୧୯୮୦ ର ଧାରା ୨ ଅଧୀନରେ ପୂର୍ବ ଅନୁମୋଦନ ନିମନ୍ତେ ପ୍ରସ୍ତାବ ବିଚାର କରାଯାଇ ନିମ୍ନଲିଖିତ ସର୍ତ୍ତାବଳୀ ସହିତ ଅନୁମୋଦନ ପ୍ରଦାନ କରାଯାଉଛି।

ପ୍ରାପ୍ତକର୍ତ୍ତା : ମୁଖ୍ୟ ଶାସନ ସଚିବ, ଜଙ୍ଗଲ ଓ ପରିବେଶ ବିଭାଗ, ଓଡ଼ିଶା ସରକାର, ଭୁବନେଶ୍ୱର। ମହାଶୟ, ଉପରୋକ୍ତ ପ୍ରସଙ୍ଗରେ ରାଜ୍ୟ ସରକାରଙ୍କ ପତ୍ର ସଂଖ୍ୟା ୧୪୪୫୩ ତାରିଖ ୩୧.୦୭.୨୦୧୯ ଅନୁସାରେ ବନ ସଂରକ୍ଷଣ ଅଧିନିୟମ ୧୯୮୦ ର ଧାରା ୨ ଅଧୀନରେ ପୂର୍ବ ଅନୁମୋଦନ ନିମନ୍ତେ ପ୍ରସ୍ତାବ ବିଚାର କରାଯାଇ ନିମ୍ନଲିଖିତ ସର୍ତ୍ତାବଳୀ ସହିତ ଅନୁମୋଦନ ପ୍ରଦାନ କରାଯାଉଛି।

ପ୍ରାପ୍ତକର୍ତ୍ତା : ମୁଖ୍ୟ ଶାସନ ସଚିବ, ଜଙ୍ଗଲ ଓ ପରିବେଶ ବିଭାଗ, ଓଡ଼ିଶା ସରକାର, ଭୁବନେଶ୍ୱର। ମହାଶୟ, ଉପରୋକ୍ତ ପ୍ରସଙ୍ଗରେ ରାଜ୍ୟ ସରକାରଙ୍କ ପତ୍ର ସଂଖ୍ୟା ୧୪୪୫୩ ତାରିଖ ୩୧.୦୭.୨୦୧୯ ଅନୁସାରେ ବନ ସଂରକ୍ଷଣ ଅଧିନିୟମ ୧୯୮୦ ର ଧାରା ୨ ଅଧୀନରେ ପୂର୍ବ ଅନୁମୋଦନ ନିମନ୍ତେ ପ୍ରସ୍ତାବ ବିଚାର କରାଯାଇ ନିମ୍ନଲିଖିତ ସର୍ତ୍ତାବଳୀ ସହିତ ଅନୁମୋଦନ ପ୍ରଦାନ କରାଯାଉଛି।

ପ୍ରାପ୍ତକର୍ତ୍ତା : ମୁଖ୍ୟ ଶାସନ ସଚିବ, ଜଙ୍ଗଲ ଓ ପରିବେଶ ବିଭାଗ, ଓଡ଼ିଶା ସରକାର, ଭୁବନେଶ୍ୱର। ମହାଶୟ, ଉପରୋକ୍ତ ପ୍ରସଙ୍ଗରେ ରାଜ୍ୟ ସରକାରଙ୍କ ପତ୍ର ସଂଖ୍ୟା ୧୪୪୫୩ ତାରିଖ ୩୧.୦୭.୨୦୧୯ ଅନୁସାରେ ବନ ସଂରକ୍ଷଣ ଅଧିନିୟମ ୧୯୮୦ ର ଧାରା ୨ ଅଧୀନରେ ପୂର୍ବ ଅନୁମୋଦନ ନିମନ୍ତେ ପ୍ରସ୍ତାବ ବିଚାର କରାଯାଇ ନିମ୍ନଲିଖିତ ସର୍ତ୍ତାବଳୀ ସହିତ ଅନୁମୋଦନ ପ୍ରଦାନ କରାଯାଉଛି।

ପ୍ରାପ୍ତକର୍ତ୍ତା : ମୁଖ୍ୟ ଶାସନ ସଚିବ, ଜଙ୍ଗଲ ଓ ପରିବେଶ ବିଭାଗ, ଓଡ଼ିଶା ସରକାର, ଭୁବନେଶ୍ୱର। ମହାଶୟ, ଉପରୋକ୍ତ ପ୍ରସଙ୍ଗରେ ରାଜ୍ୟ ସରକାରଙ୍କ ପତ୍ର ସଂଖ୍ୟା ୧୪୪୫୩ ତାରିଖ ୩୧.୦୭.୨୦୧୯ ଅନୁସାରେ ବନ ସଂରକ୍ଷଣ ଅଧିନିୟମ ୧୯୮୦ ର ଧାରା ୨ ଅଧୀନରେ ପୂର୍ବ ଅନୁମୋଦନ ନିମନ୍ତେ ପ୍ରସ୍ତାବ ବିଚାର କରାଯାଇ ନିମ୍ନଲିଖିତ ସର୍ତ୍ତାବଳୀ ସହିତ ଅନୁମୋଦନ ପ୍ରଦାନ କରାଯାଉଛି।

ପ୍ରାପ୍ତକର୍ତ୍ତା : ମୁଖ୍ୟ ଶାସନ ସଚିବ, ଜଙ୍ଗଲ ଓ ପରିବେଶ ବିଭାଗ, ଓଡ଼ିଶା ସରକାର, ଭୁବନେଶ୍ୱର। ମହାଶୟ, ଉପରୋକ୍ତ ପ୍ରସଙ୍ଗରେ ରାଜ୍ୟ ସରକାରଙ୍କ ପତ୍ର ସଂଖ୍ୟା ୧୪୪୫୩ ତାରିଖ ୩୧.୦୭.୨୦୧୯ ଅନୁସାରେ ବନ ସଂରକ୍ଷଣ ଅଧିନିୟମ ୧୯୮୦ ର ଧାରା ୨ ଅଧୀନରେ ପୂର୍ବ ଅନୁମୋଦନ ନିମନ୍ତେ ପ୍ରସ୍ତାବ ବିଚାର କରାଯାଇ ନିମ୍ନଲିଖିତ ସର୍ତ୍ତାବଳୀ ସହିତ ଅନୁମୋଦନ ପ୍ରଦାନ କରାଯାଉଛି।

ପ୍ରାପ୍ତକର୍ତ୍ତା : ମୁଖ୍ୟ ଶାସନ ସଚିବ, ଜଙ୍ଗଲ ଓ ପରିବେଶ ବିଭାଗ, ଓଡ଼ିଶା ସରକାର, ଭୁବନେଶ୍ୱର। ମହାଶୟ, ଉପରୋକ୍ତ ପ୍ରସଙ୍ଗରେ ରାଜ୍ୟ ସରକାରଙ୍କ ପତ୍ର ସଂଖ୍ୟା ୧୪୪୫୩ ତାରିଖ ୩୧.୦୭.୨୦୧୯ ଅନୁସାରେ ବନ ସଂରକ୍ଷଣ ଅଧିନିୟମ ୧୯୮୦ ର ଧାରା ୨ ଅଧୀନରେ ପୂର୍ବ ଅନୁମୋଦନ ନିମନ୍ତେ ପ୍ରସ୍ତାବ ବିଚାର କରାଯାଇ ନିମ୍ନଲିଖିତ ସର୍ତ୍ତାବଳୀ ସହିତ ଅନୁମୋଦନ ପ୍ରଦାନ କରାଯାଉଛି।

ପ୍ରାପ୍ତକର୍ତ୍ତା : ମୁଖ୍ୟ ଶାସନ ସଚିବ, ଜଙ୍ଗଲ ଓ ପରିବେଶ ବିଭାଗ, ଓଡ଼ିଶା ସରକାର, ଭୁବନେଶ୍ୱର। ମହାଶୟ, ଉପରୋକ୍ତ ପ୍ରସଙ୍ଗରେ ରାଜ୍ୟ ସରକାରଙ୍କ ପତ୍ର ସଂଖ୍ୟା ୧୪୪୫୩ ତାରିଖ ୩୧.୦୭.୨୦୧୯ ଅନୁସାରେ ବନ ସଂରକ୍ଷଣ ଅଧିନିୟମ ୧୯୮୦ ର ଧାରା ୨ ଅଧୀନରେ ପୂର୍ବ ଅନୁମୋଦନ ନିମନ୍ତେ ପ୍ରସ୍ତାବ ବିଚାର କରାଯାଇ ନିମ୍ନଲିଖିତ ସର୍ତ୍ତାବଳୀ ସହିତ ଅନୁମୋଦନ ପ୍ରଦାନ କରାଯାଉଛି।

ପ୍ରାପ୍ତକର୍ତ୍ତା : ମୁଖ୍ୟ ଶାସନ ସଚିବ, ଜଙ୍ଗଲ ଓ ପରିବେଶ ବିଭାଗ, ଓଡ଼ିଶା ସରକାର, ଭୁବନେଶ୍ୱର। ମହାଶୟ, ଉପରୋକ୍ତ ପ୍ରସଙ୍ଗରେ ରାଜ୍ୟ ସରକାରଙ୍କ ପତ୍ର ସଂଖ୍ୟା ୧୪୪୫୩ ତାରିଖ ୩୧.୦୭.୨୦୧୯ ଅନୁସାରେ ବନ ସଂରକ୍ଷଣ ଅଧିନିୟମ ୧୯୮୦ ର ଧାରା ୨ ଅଧୀନରେ ପୂର୍ବ ଅନୁମୋଦନ ନିମନ୍ତେ ପ୍ରସ୍ତାବ ବିଚାର କରାଯାଇ ନିମ୍ନଲିଖିତ ସର୍ତ୍ତାବଳୀ ସହିତ ଅନୁମୋଦନ ପ୍ରଦାନ କରାଯାଉଛି।

ପ୍ରାପ୍ତକର୍ତ୍ତା : ମୁଖ୍ୟ ଶାସନ ସଚିବ, ଜଙ୍ଗଲ ଓ ପରିବେଶ ବିଭାଗ, ଓଡ଼ିଶା ସରକାର, ଭୁବନେଶ୍ୱର। ମହାଶୟ, ଉପରୋକ୍ତ ପ୍ରସଙ୍ଗରେ ରାଜ୍ୟ ସରକାରଙ୍କ ପତ୍ର ସଂଖ୍ୟା ୧୪୪୫୩ ତାରିଖ ୩୧.୦୭.୨୦୧୯ ଅନୁସାରେ ବନ ସଂରକ୍ଷଣ ଅଧିନିୟମ ୧୯୮୦ ର ଧାରା ୨ ଅଧୀନରେ ପୂର୍ବ ଅନୁମୋଦନ ନିମନ୍ତେ ପ୍ରସ୍ତାବ ବିଚାର କରାଯାଇ ନିମ୍ନଲିଖିତ ସର୍ତ୍ତାବଳୀ ସହିତ ଅନୁମୋଦନ ପ୍ରଦାନ କରାଯାଉଛି।

Contd...
